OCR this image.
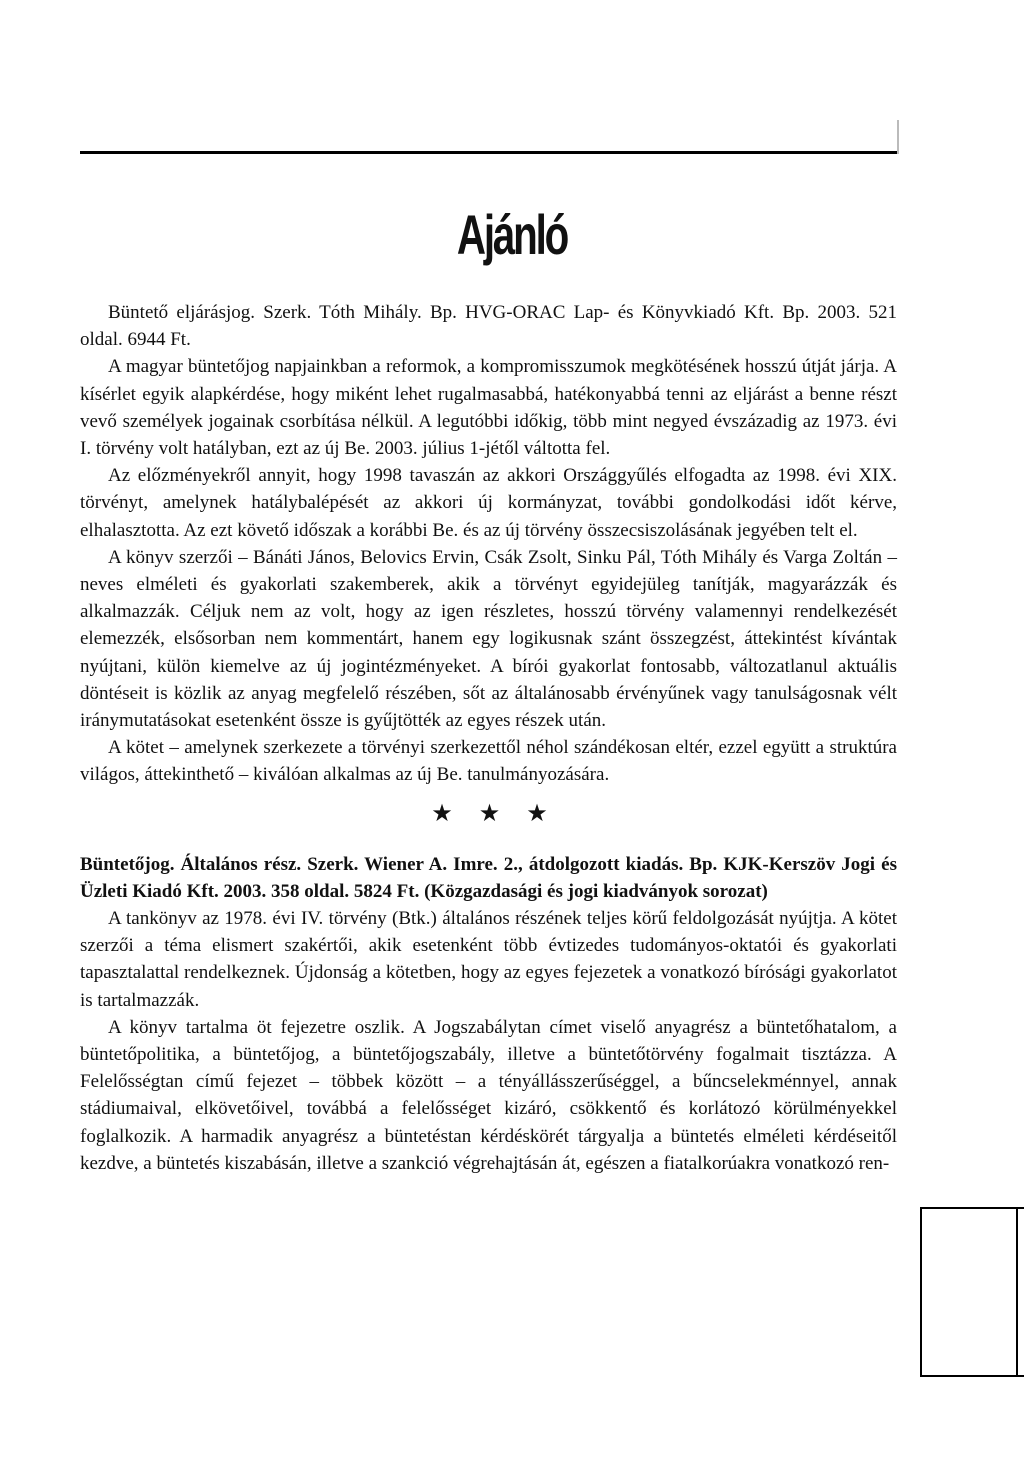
Ajánló

Büntető eljárásjog. Szerk. Tóth Mihály. Bp. HVG-ORAC Lap- és Könyvkiadó Kft. Bp. 2003. 521 oldal. 6944 Ft.

A magyar büntetőjog napjainkban a reformok, a kompromisszumok megkötésének hosszú útját járja. A kísérlet egyik alapkérdése, hogy miként lehet rugalmasabbá, hatékonyabbá tenni az eljárást a benne részt vevő személyek jogainak csorbítása nélkül. A legutóbbi időkig, több mint negyed évszázadig az 1973. évi I. törvény volt hatályban, ezt az új Be. 2003. július 1-jétől váltotta fel.

Az előzményekről annyit, hogy 1998 tavaszán az akkori Országgyűlés elfogadta az 1998. évi XIX. törvényt, amelynek hatálybalépését az akkori új kormányzat, további gondolkodási időt kérve, elhalasztotta. Az ezt követő időszak a korábbi Be. és az új törvény összecsiszolásának jegyében telt el.

A könyv szerzői – Bánáti János, Belovics Ervin, Csák Zsolt, Sinku Pál, Tóth Mihály és Varga Zoltán – neves elméleti és gyakorlati szakemberek, akik a törvényt egyidejüleg tanítják, magyarázzák és alkalmazzák. Céljuk nem az volt, hogy az igen részletes, hosszú törvény valamennyi rendelkezését elemezzék, elsősorban nem kommentárt, hanem egy logikusnak szánt összegzést, áttekintést kívántak nyújtani, külön kiemelve az új jogintézményeket. A bírói gyakorlat fontosabb, változatlanul aktuális döntéseit is közlik az anyag megfelelő részében, sőt az általánosabb érvényűnek vagy tanulságosnak vélt iránymutatásokat esetenként össze is gyűjtötték az egyes részek után.

A kötet – amelynek szerkezete a törvényi szerkezettől néhol szándékosan eltér, ezzel együtt a struktúra világos, áttekinthető – kiválóan alkalmas az új Be. tanulmányozására.

★ ★ ★

Büntetőjog. Általános rész. Szerk. Wiener A. Imre. 2., átdolgozott kiadás. Bp. KJK-Kerszöv Jogi és Üzleti Kiadó Kft. 2003. 358 oldal. 5824 Ft. (Közgazdasági és jogi kiadványok sorozat)

A tankönyv az 1978. évi IV. törvény (Btk.) általános részének teljes körű feldolgozását nyújtja. A kötet szerzői a téma elismert szakértői, akik esetenként több évtizedes tudományos-oktatói és gyakorlati tapasztalattal rendelkeznek. Újdonság a kötetben, hogy az egyes fejezetek a vonatkozó bírósági gyakorlatot is tartalmazzák.

A könyv tartalma öt fejezetre oszlik. A Jogszabálytan címet viselő anyagrész a büntetőhatalom, a büntetőpolitika, a büntetőjog, a büntetőjogszabály, illetve a büntetőtörvény fogalmait tisztázza. A Felelősségtan című fejezet – többek között – a tényállásszerűséggel, a bűncselekménnyel, annak stádiumaival, elkövetőivel, továbbá a felelősséget kizáró, csökkentő és korlátozó körülményekkel foglalkozik. A harmadik anyagrész a büntetéstan kérdéskörét tárgyalja a büntetés elméleti kérdéseitől kezdve, a büntetés kiszabásán, illetve a szankció végrehajtásán át, egészen a fiatalkorúakra vonatkozó ren-
